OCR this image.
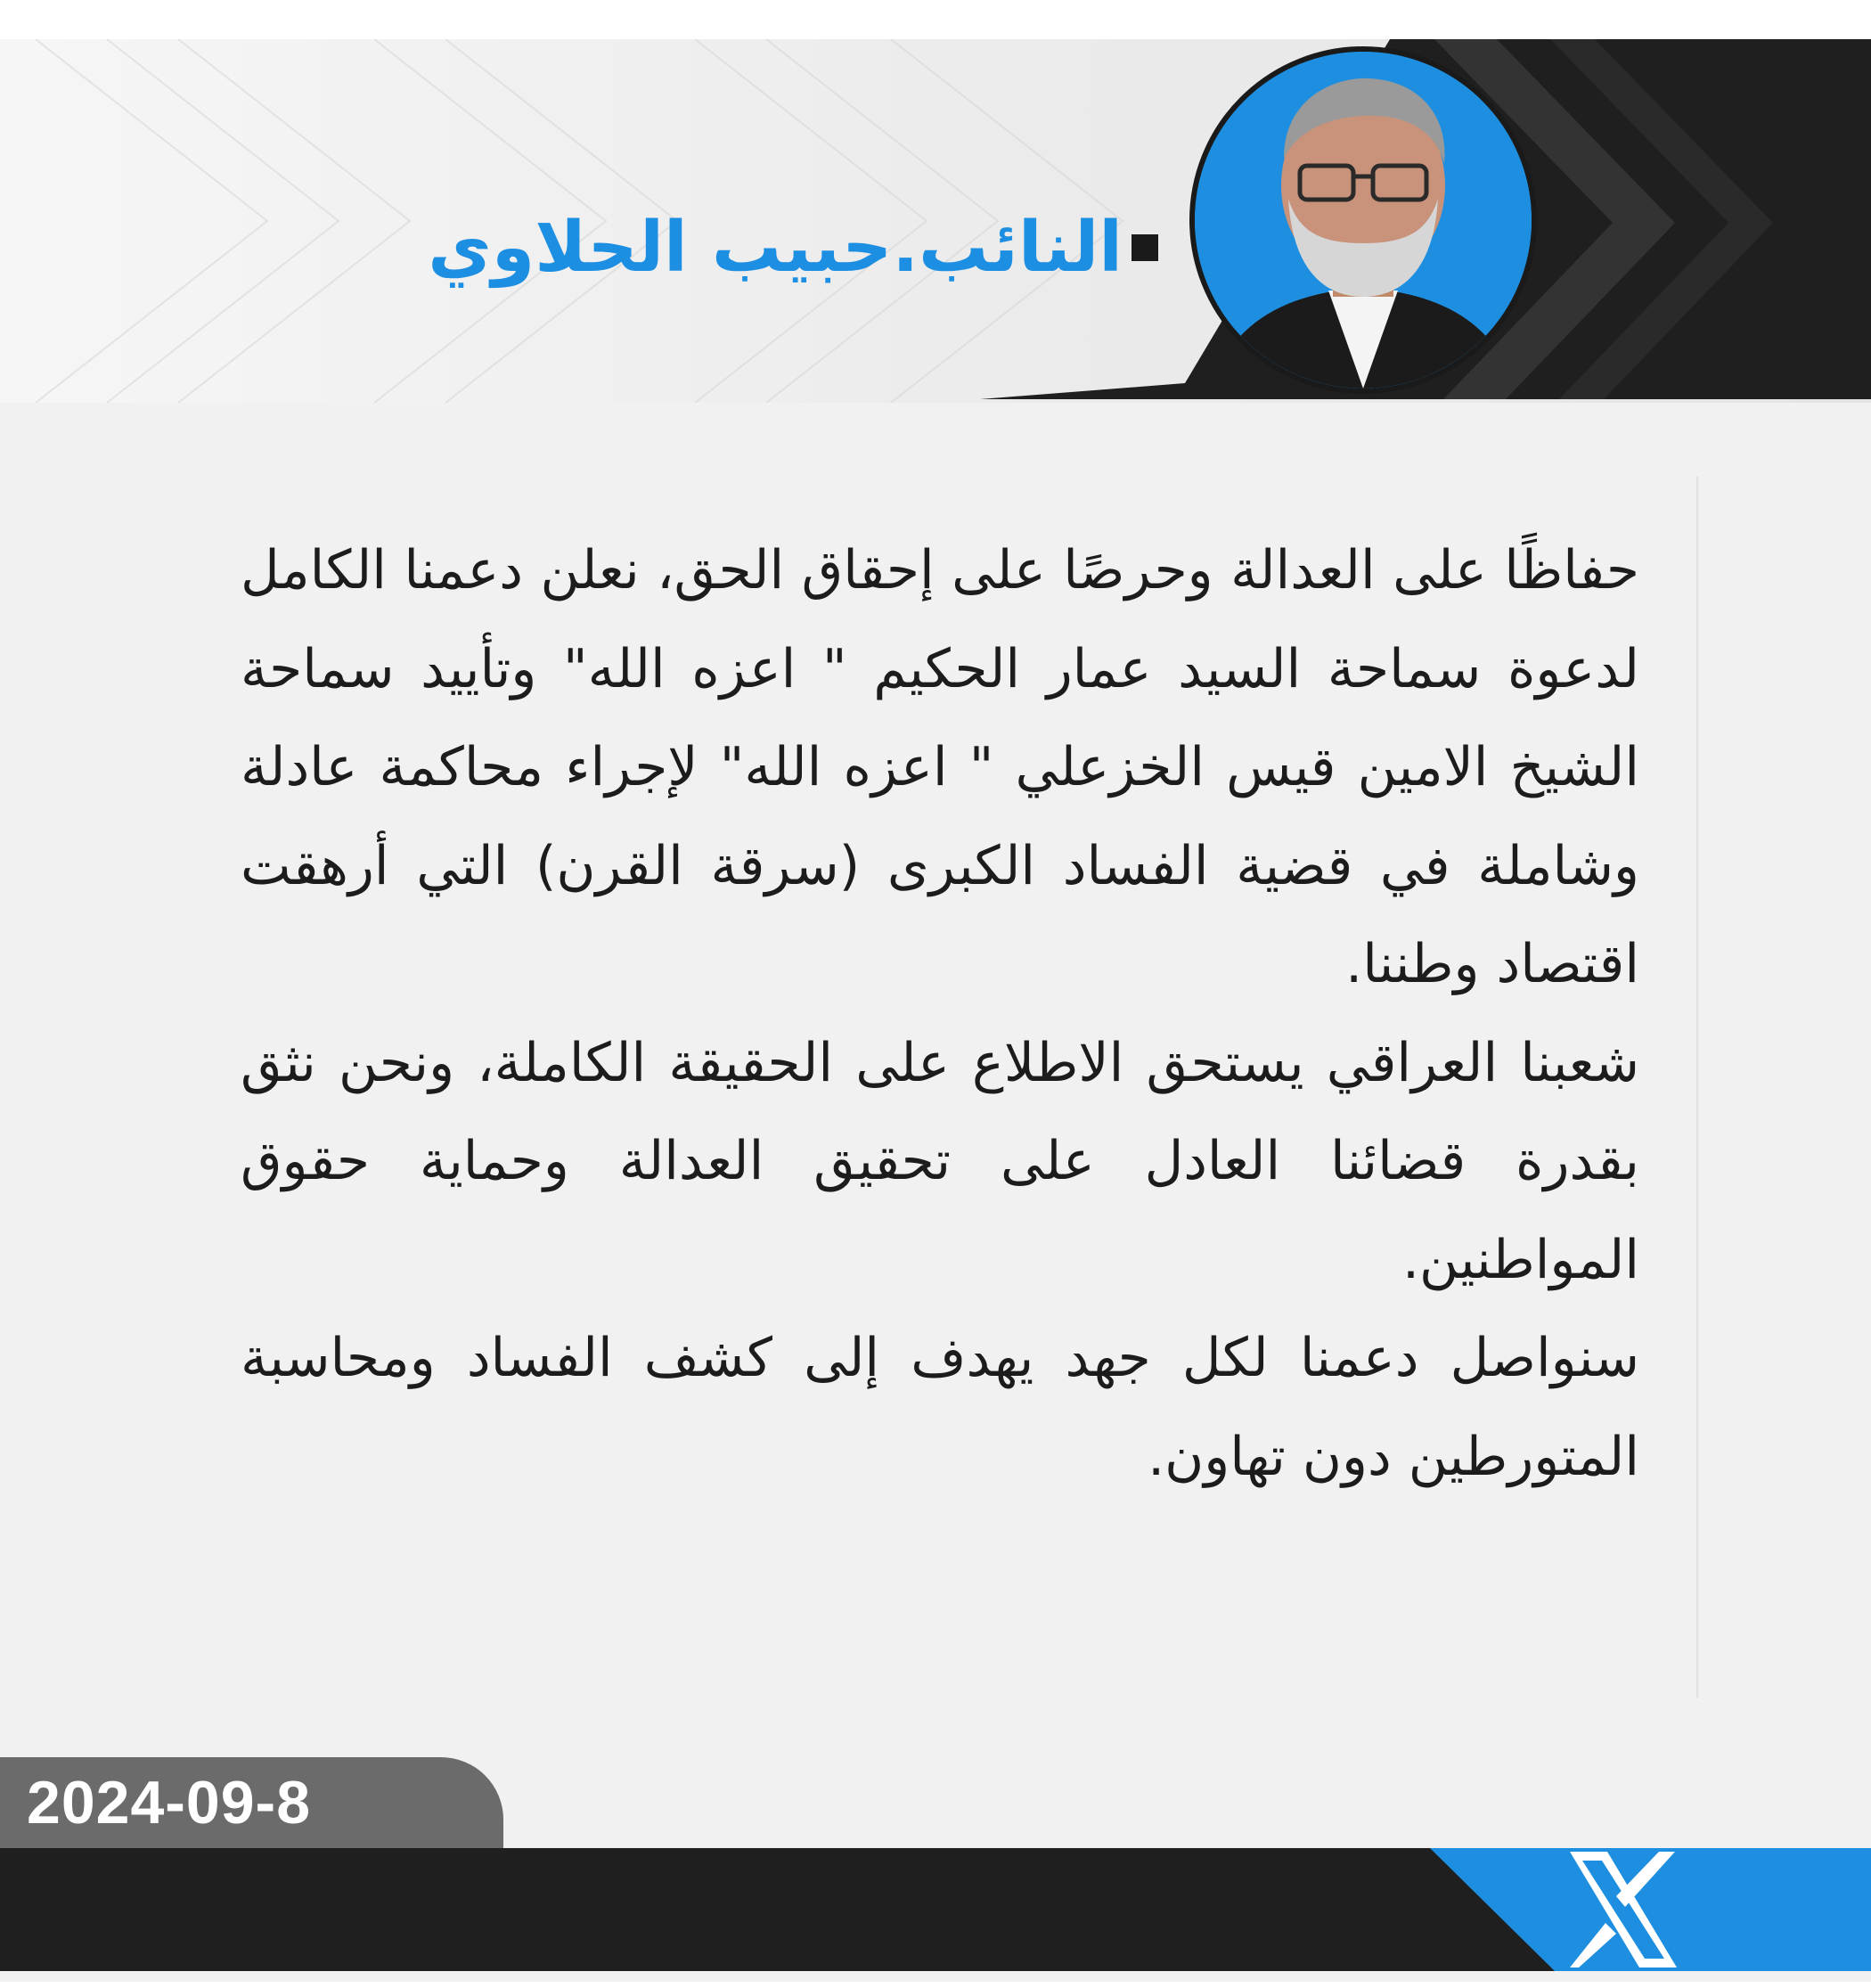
النائب.حبيب الحلاوي

حفاظًا على العدالة وحرصًا على إحقاق الحق، نعلن دعمنا الكامل لدعوة سماحة السيد عمار الحكيم " اعزه الله" وتأييد سماحة الشيخ الامين قيس الخزعلي " اعزه الله" لإجراء محاكمة عادلة وشاملة في قضية الفساد الكبرى (سرقة القرن) التي أرهقت اقتصاد وطننا.

شعبنا العراقي يستحق الاطلاع على الحقيقة الكاملة، ونحن نثق بقدرة قضائنا العادل على تحقيق العدالة وحماية حقوق المواطنين.

سنواصل دعمنا لكل جهد يهدف إلى كشف الفساد ومحاسبة المتورطين دون تهاون.

2024-09-8
